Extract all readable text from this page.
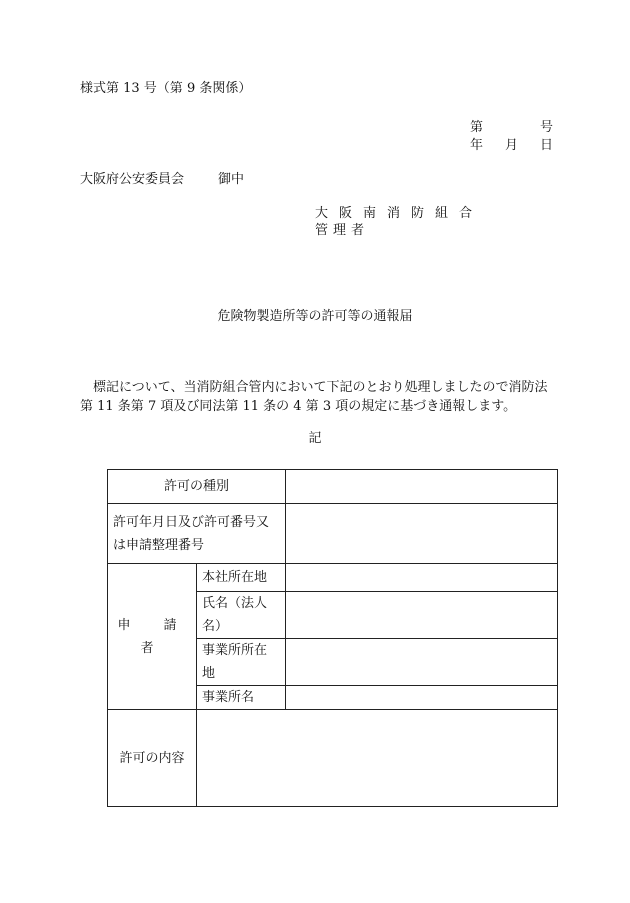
様式第 13 号（第 9 条関係）
第	号
年 月 日
大阪府公安委員会	御中
大阪南消防組合
管理者
危険物製造所等の許可等の通報届
標記について、当消防組合管内において下記のとおり処理しましたので消防法第 11 条第 7 項及び同法第 11 条の 4 第 3 項の規定に基づき通報します。
記
許可の種別		
許可年月日及び許可番号又は申請整理番号		
申　請　者	本社所在地	
	氏名（法人名）	
	事業所所在地	
	事業所名	
許可の内容		
